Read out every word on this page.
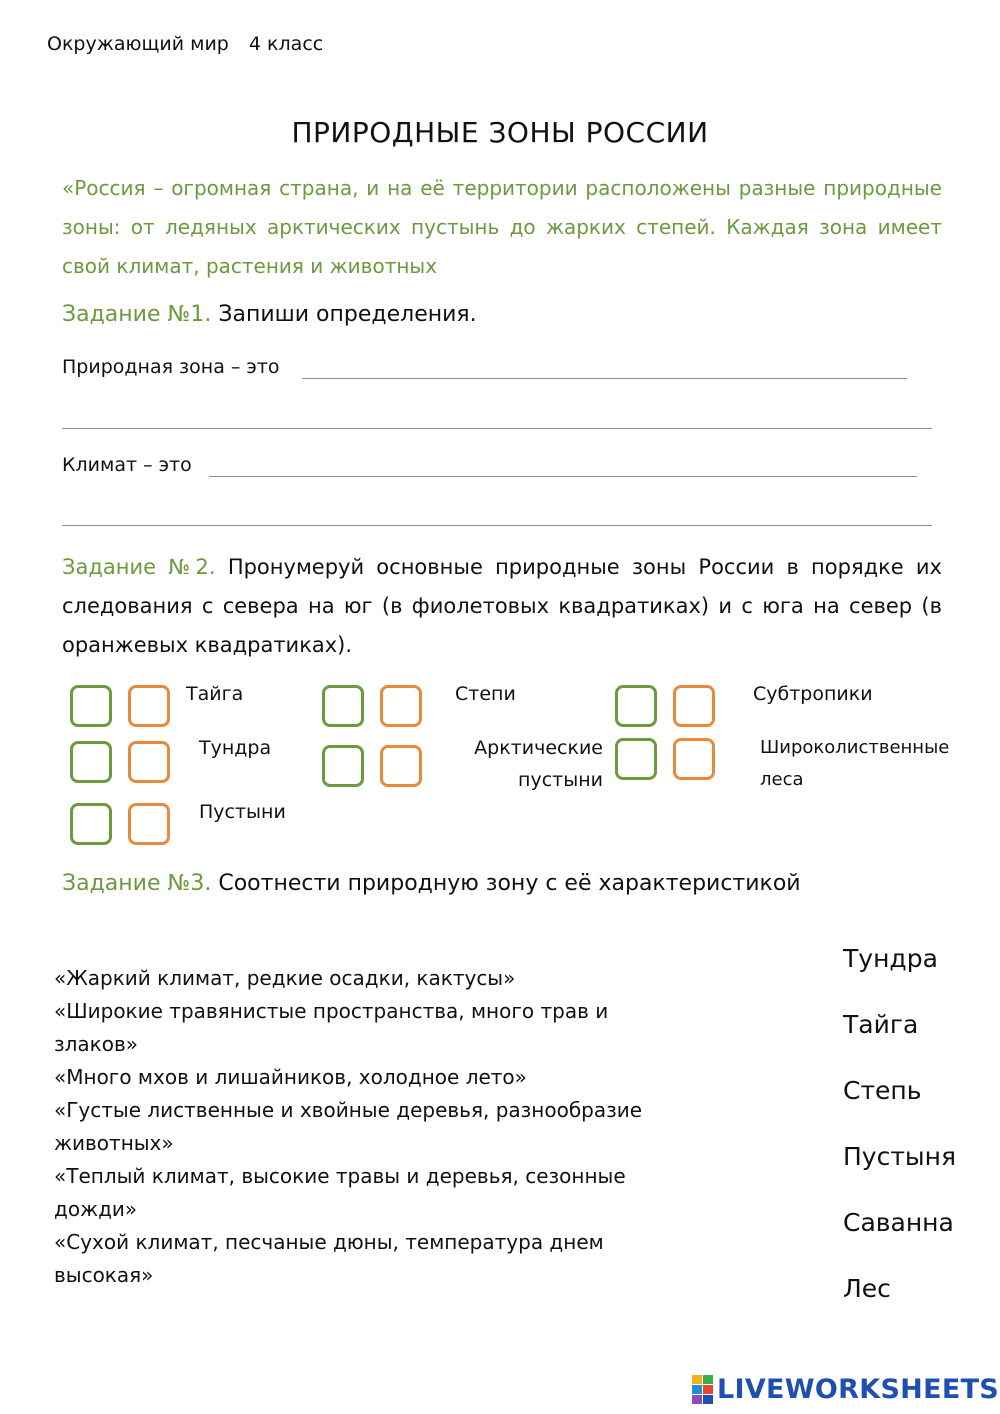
Окружающий мир 4 класс
ПРИРОДНЫЕ ЗОНЫ РОССИИ
«Россия – огромная страна, и на её территории расположены разные природные зоны: от ледяных арктических пустынь до жарких степей. Каждая зона имеет свой климат, растения и животных
Задание №1. Запиши определения.
Природная зона – это
Климат – это
Задание №2. Пронумеруй основные природные зоны России в порядке их следования с севера на юг (в фиолетовых квадратиках) и с юга на север (в оранжевых квадратиках).
Тайга
Тундра
Пустыни
Степи
Арктические пустыни
Субтропики
Широколиственные леса
Задание №3. Соотнести природную зону с её характеристикой
«Жаркий климат, редкие осадки, кактусы»
«Широкие травянистые пространства, много трав и
злаков»
«Много мхов и лишайников, холодное лето»
«Густые лиственные и хвойные деревья, разнообразие
животных»
«Теплый климат, высокие травы и деревья, сезонные
дожди»
«Сухой климат, песчаные дюны, температура днем
высокая»
Тундра
Тайга
Степь
Пустыня
Саванна
Лес
LIVEWORKSHEETS
